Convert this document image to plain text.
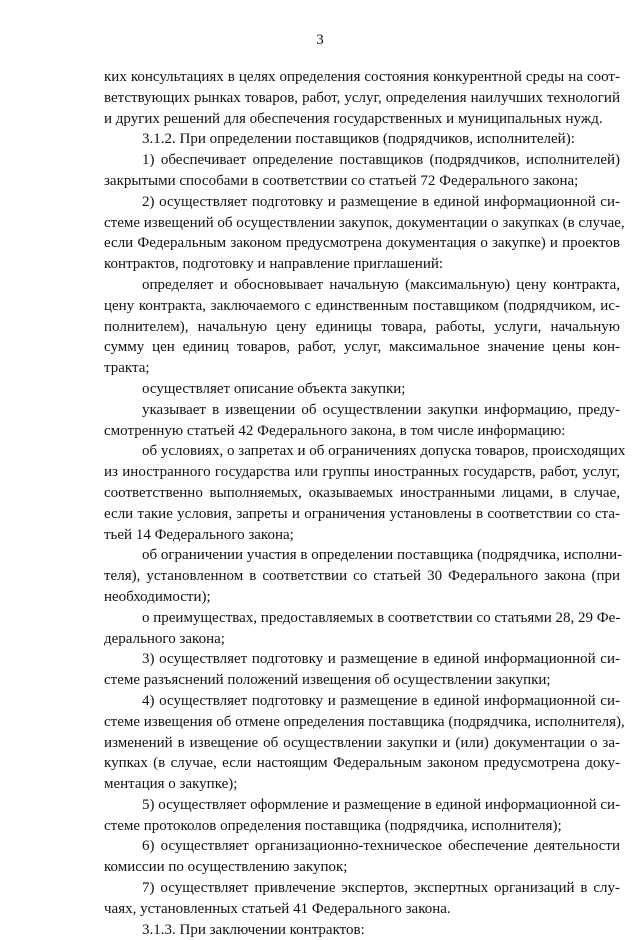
3
ких консультациях в целях определения состояния конкурентной среды на соот-
ветствующих рынках товаров, работ, услуг, определения наилучших технологий
и других решений для обеспечения государственных и муниципальных нужд.
3.1.2. При определении поставщиков (подрядчиков, исполнителей):
1) обеспечивает определение поставщиков (подрядчиков, исполнителей)
закрытыми способами в соответствии со статьей 72 Федерального закона;
2) осуществляет подготовку и размещение в единой информационной си-
стеме извещений об осуществлении закупок, документации о закупках (в случае,
если Федеральным законом предусмотрена документация о закупке) и проектов
контрактов, подготовку и направление приглашений:
определяет и обосновывает начальную (максимальную) цену контракта,
цену контракта, заключаемого с единственным поставщиком (подрядчиком, ис-
полнителем), начальную цену единицы товара, работы, услуги, начальную
сумму цен единиц товаров, работ, услуг, максимальное значение цены кон-
тракта;
осуществляет описание объекта закупки;
указывает в извещении об осуществлении закупки информацию, преду-
смотренную статьей 42 Федерального закона, в том числе информацию:
об условиях, о запретах и об ограничениях допуска товаров, происходящих
из иностранного государства или группы иностранных государств, работ, услуг,
соответственно выполняемых, оказываемых иностранными лицами, в случае,
если такие условия, запреты и ограничения установлены в соответствии со ста-
тьей 14 Федерального закона;
об ограничении участия в определении поставщика (подрядчика, исполни-
теля), установленном в соответствии со статьей 30 Федерального закона (при
необходимости);
о преимуществах, предоставляемых в соответствии со статьями 28, 29 Фе-
дерального закона;
3) осуществляет подготовку и размещение в единой информационной си-
стеме разъяснений положений извещения об осуществлении закупки;
4) осуществляет подготовку и размещение в единой информационной си-
стеме извещения об отмене определения поставщика (подрядчика, исполнителя),
изменений в извещение об осуществлении закупки и (или) документации о за-
купках (в случае, если настоящим Федеральным законом предусмотрена доку-
ментация о закупке);
5) осуществляет оформление и размещение в единой информационной си-
стеме протоколов определения поставщика (подрядчика, исполнителя);
6) осуществляет организационно-техническое обеспечение деятельности
комиссии по осуществлению закупок;
7) осуществляет привлечение экспертов, экспертных организаций в слу-
чаях, установленных статьей 41 Федерального закона.
3.1.3. При заключении контрактов:
